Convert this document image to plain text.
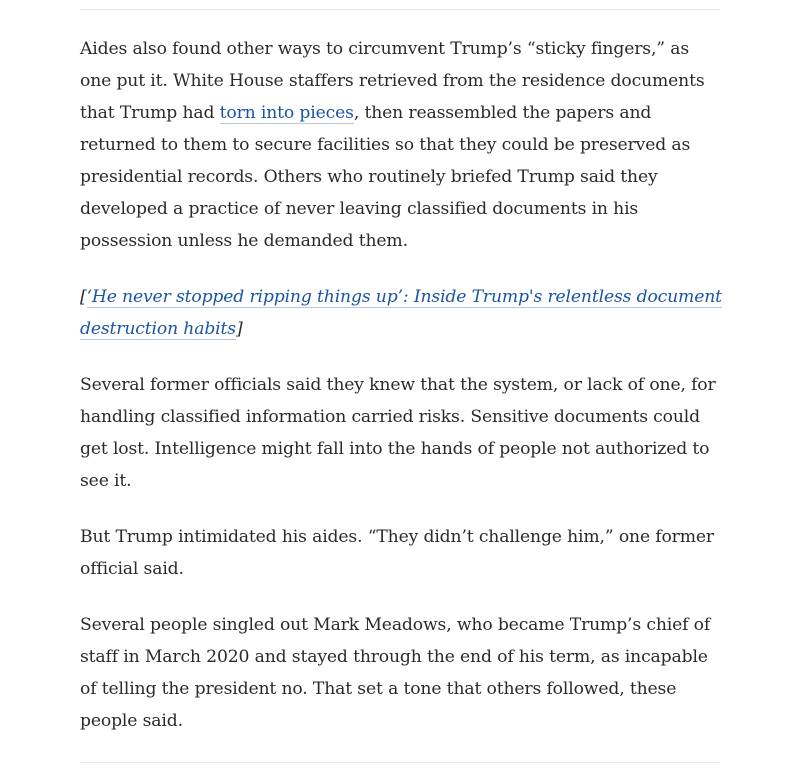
Aides also found other ways to circumvent Trump’s “sticky fingers,” as one put it. White House staffers retrieved from the residence documents that Trump had torn into pieces, then reassembled the papers and returned to them to secure facilities so that they could be preserved as presidential records. Others who routinely briefed Trump said they developed a practice of never leaving classified documents in his possession unless he demanded them.

[‘He never stopped ripping things up’: Inside Trump's relentless document destruction habits]

Several former officials said they knew that the system, or lack of one, for handling classified information carried risks. Sensitive documents could get lost. Intelligence might fall into the hands of people not authorized to see it.

But Trump intimidated his aides. “They didn’t challenge him,” one former official said.

Several people singled out Mark Meadows, who became Trump’s chief of staff in March 2020 and stayed through the end of his term, as incapable of telling the president no. That set a tone that others followed, these people said.
